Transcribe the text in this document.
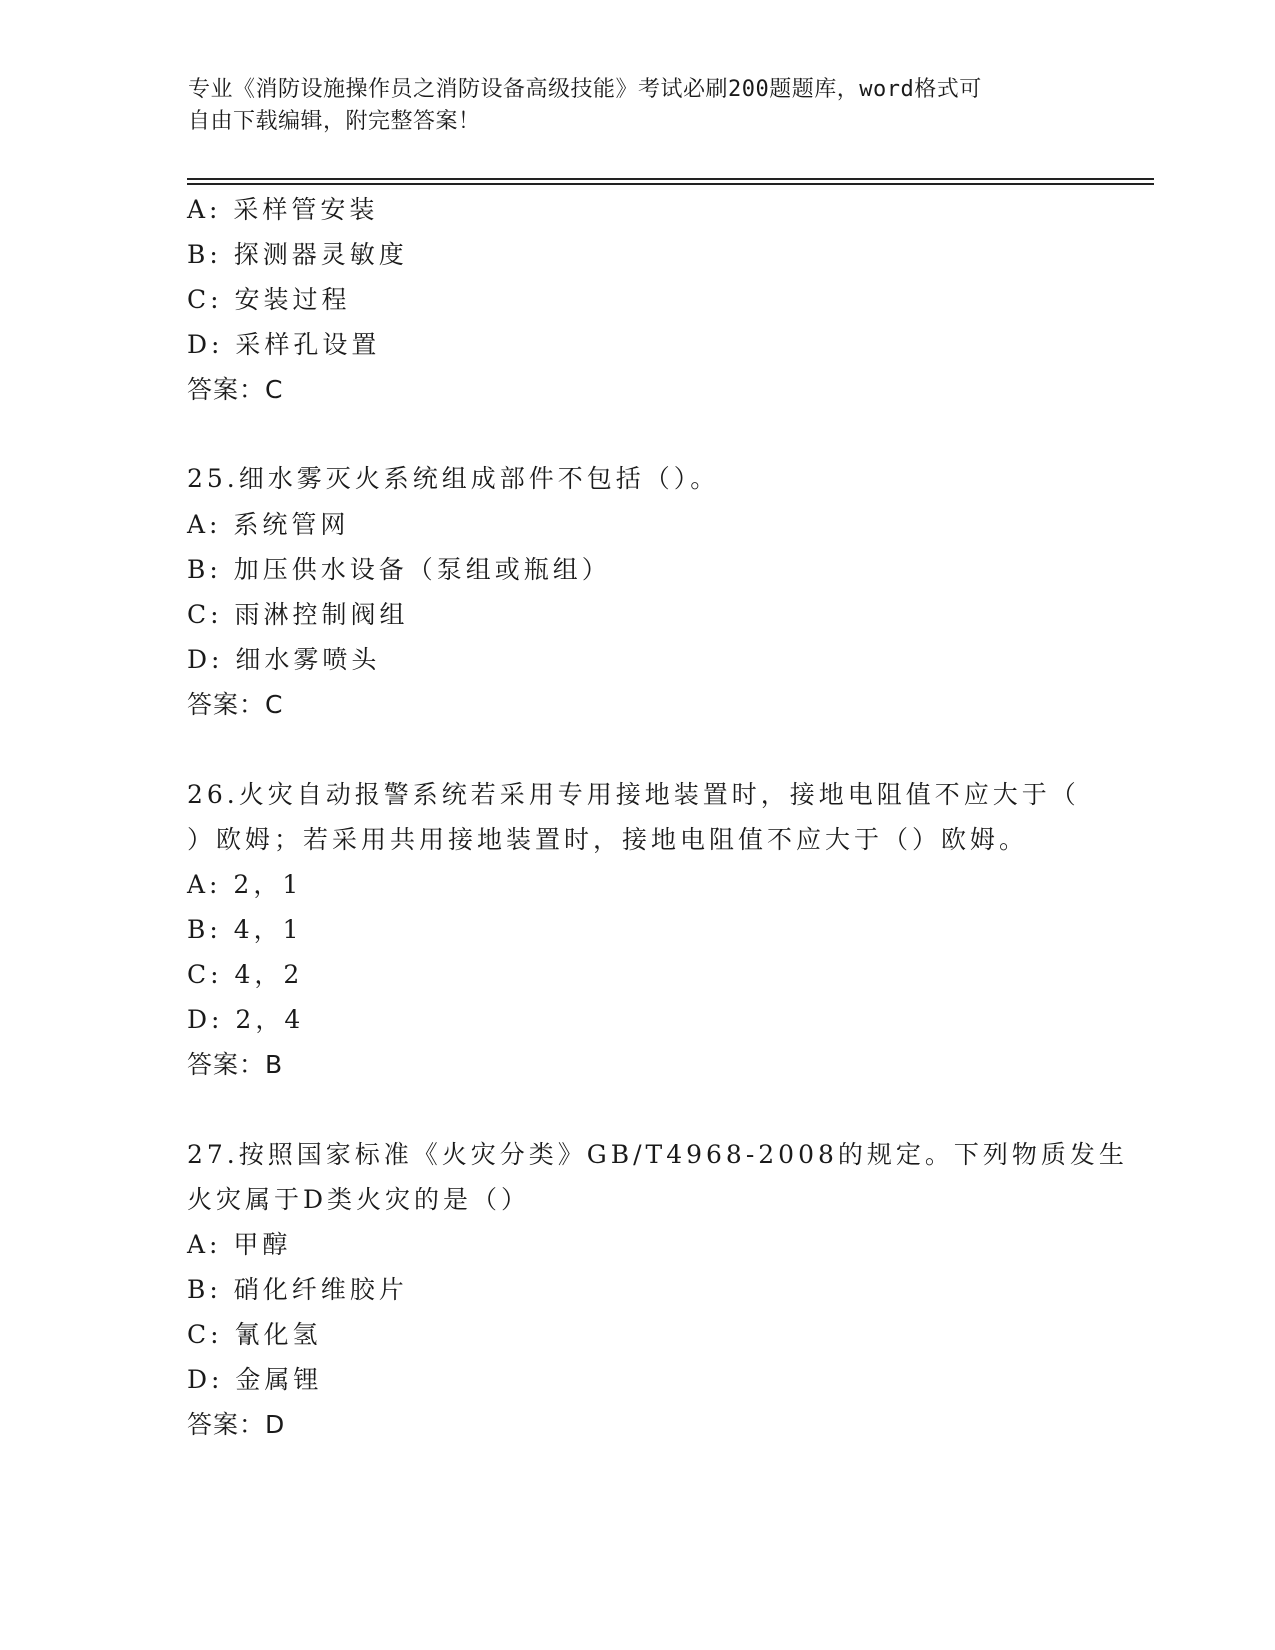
专业《消防设施操作员之消防设备高级技能》考试必刷200题题库，word格式可
自由下载编辑，附完整答案！
A: 采样管安装
B: 探测器灵敏度
C: 安装过程
D: 采样孔设置
答案：C
25.细水雾灭火系统组成部件不包括（）。
A: 系统管网
B: 加压供水设备（泵组或瓶组）
C: 雨淋控制阀组
D: 细水雾喷头
答案：C
26.火灾自动报警系统若采用专用接地装置时，接地电阻值不应大于（
）欧姆；若采用共用接地装置时，接地电阻值不应大于（）欧姆。
A: 2，1
B: 4，1
C: 4，2
D: 2，4
答案：B
27.按照国家标准《火灾分类》GB/T4968-2008的规定。下列物质发生
火灾属于D类火灾的是（）
A: 甲醇
B: 硝化纤维胶片
C: 氰化氢
D: 金属锂
答案：D
